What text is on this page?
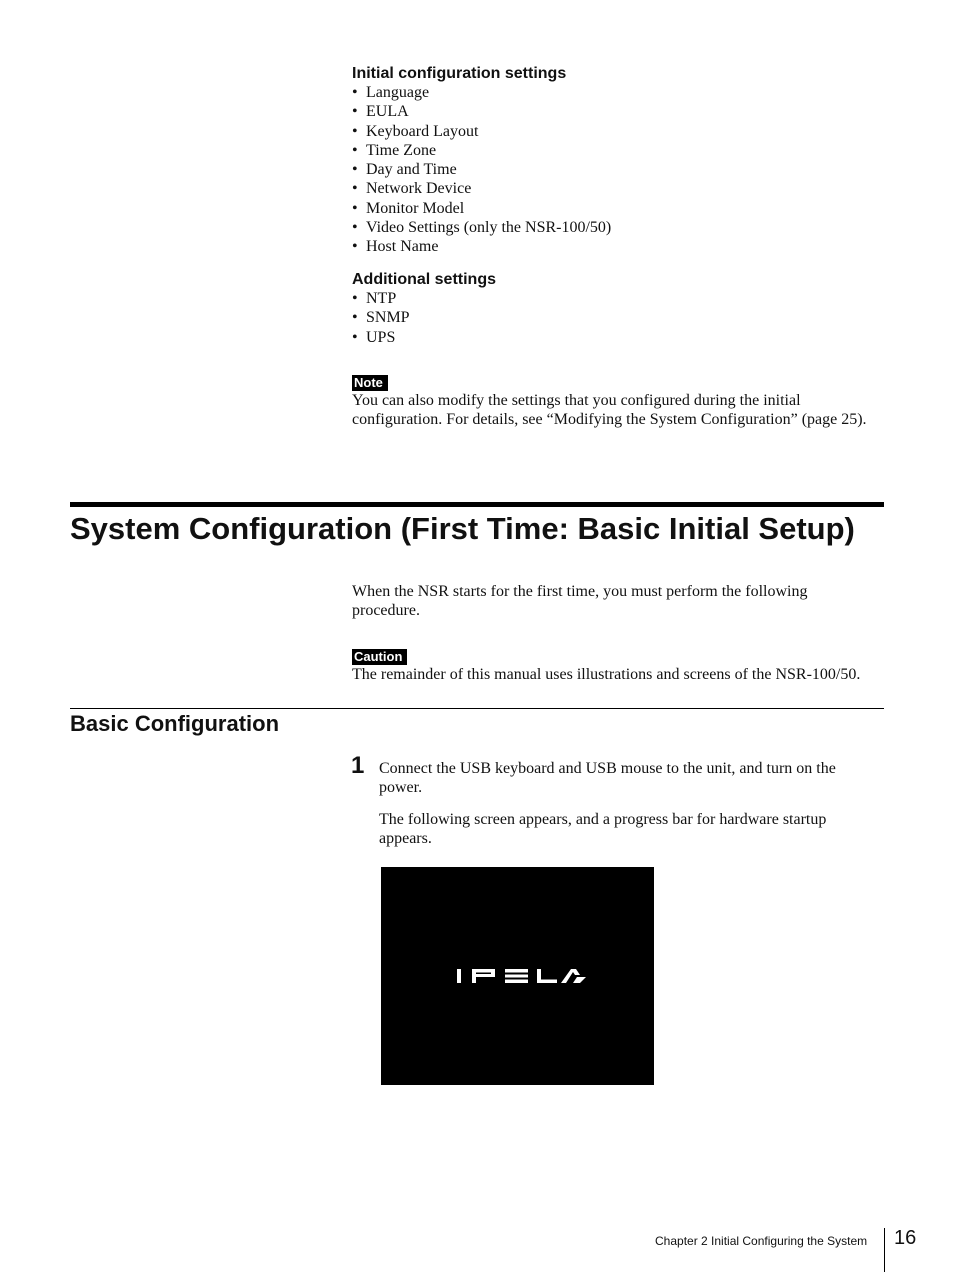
Initial configuration settings
• Language
• EULA
• Keyboard Layout
• Time Zone
• Day and Time
• Network Device
• Monitor Model
• Video Settings (only the NSR-100/50)
• Host Name
Additional settings
• NTP
• SNMP
• UPS
Note
You can also modify the settings that you configured during the initial configuration. For details, see “Modifying the System Configuration” (page 25).
System Configuration (First Time: Basic Initial Setup)
When the NSR starts for the first time, you must perform the following procedure.
Caution
The remainder of this manual uses illustrations and screens of the NSR-100/50.
Basic Configuration
1 Connect the USB keyboard and USB mouse to the unit, and turn on the power.
The following screen appears, and a progress bar for hardware startup appears.
Chapter 2 Initial Configuring the System 16
